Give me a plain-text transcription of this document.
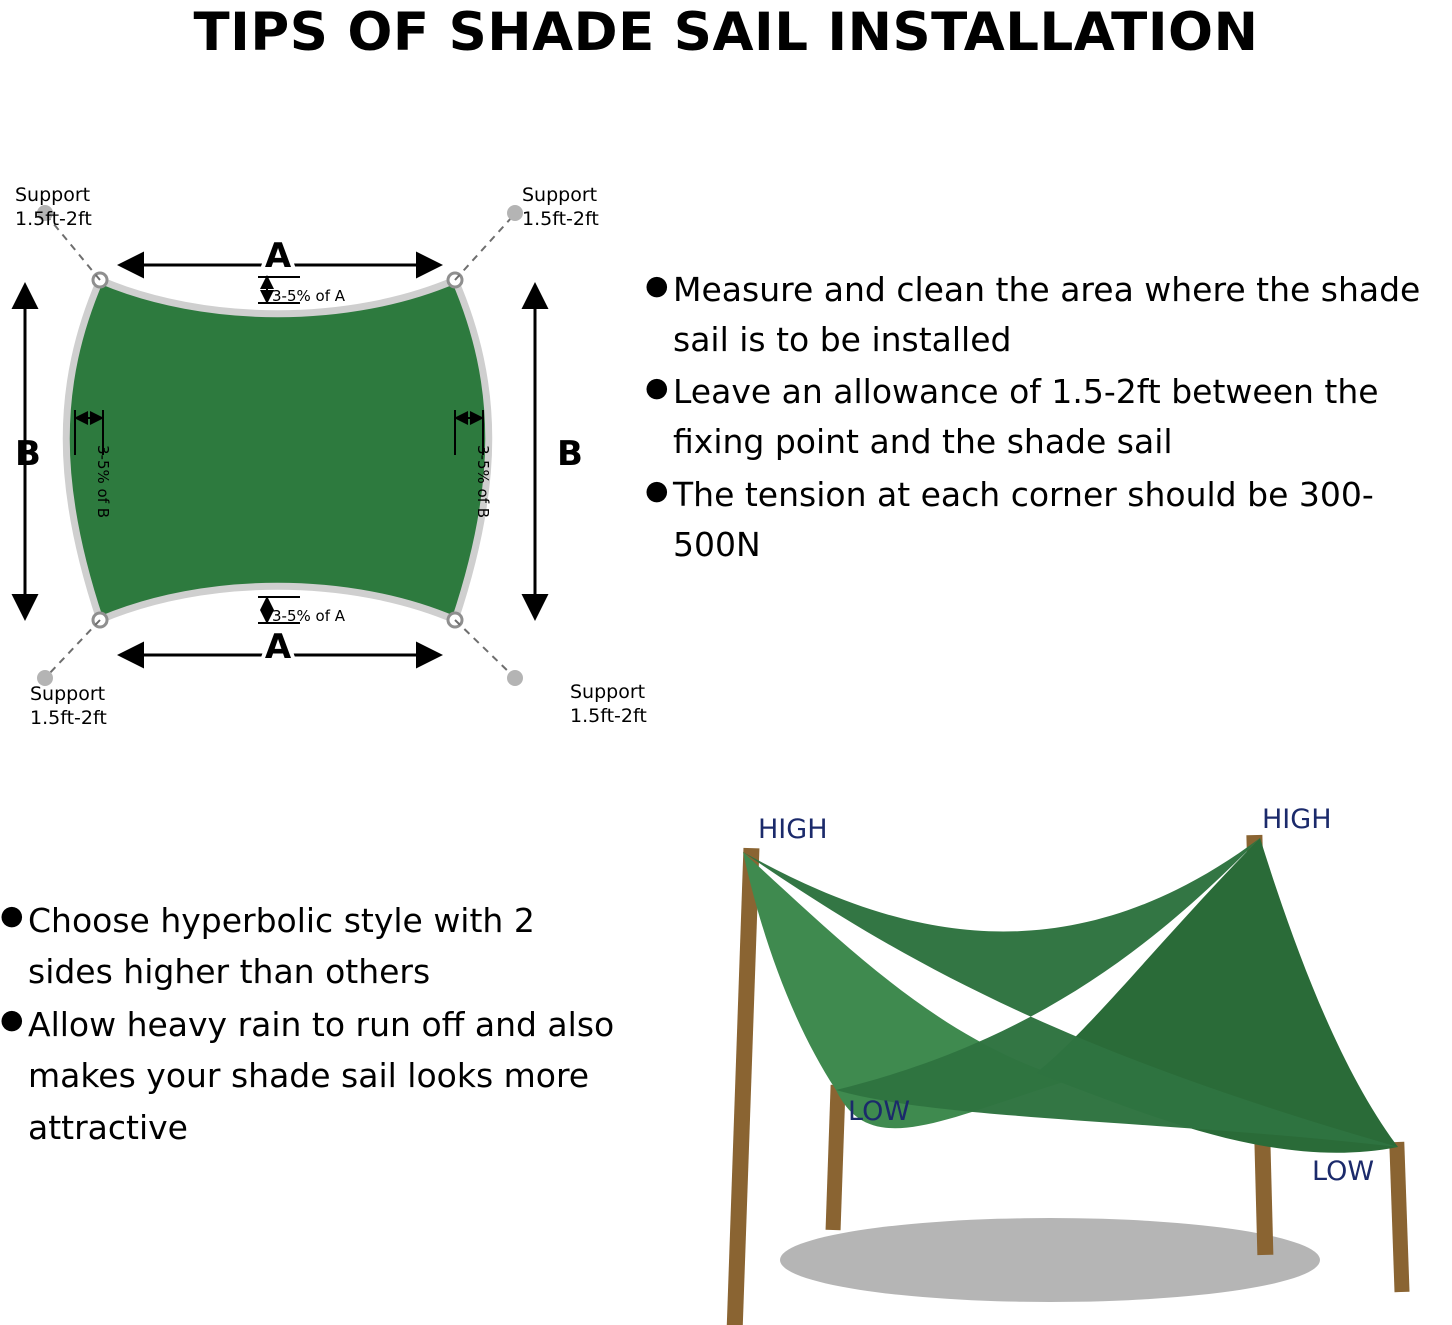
TIPS OF SHADE SAIL INSTALLATION
A
A
B	B
3-5% of A
3-5% of A
3-5% of B	3-5% of B
Support
1.5ft-2ft
Support
1.5ft-2ft
Support
1.5ft-2ft
Support
1.5ft-2ft
● Measure and clean the area where the shade sail is to be installed
● Leave an allowance of 1.5-2ft between the fixing point and the shade sail
● The tension at each corner should be 300-500N
● Choose hyperbolic style with 2 sides higher than others
● Allow heavy rain to run off and also makes your shade sail looks more attractive
HIGH	HIGH
LOW
LOW
